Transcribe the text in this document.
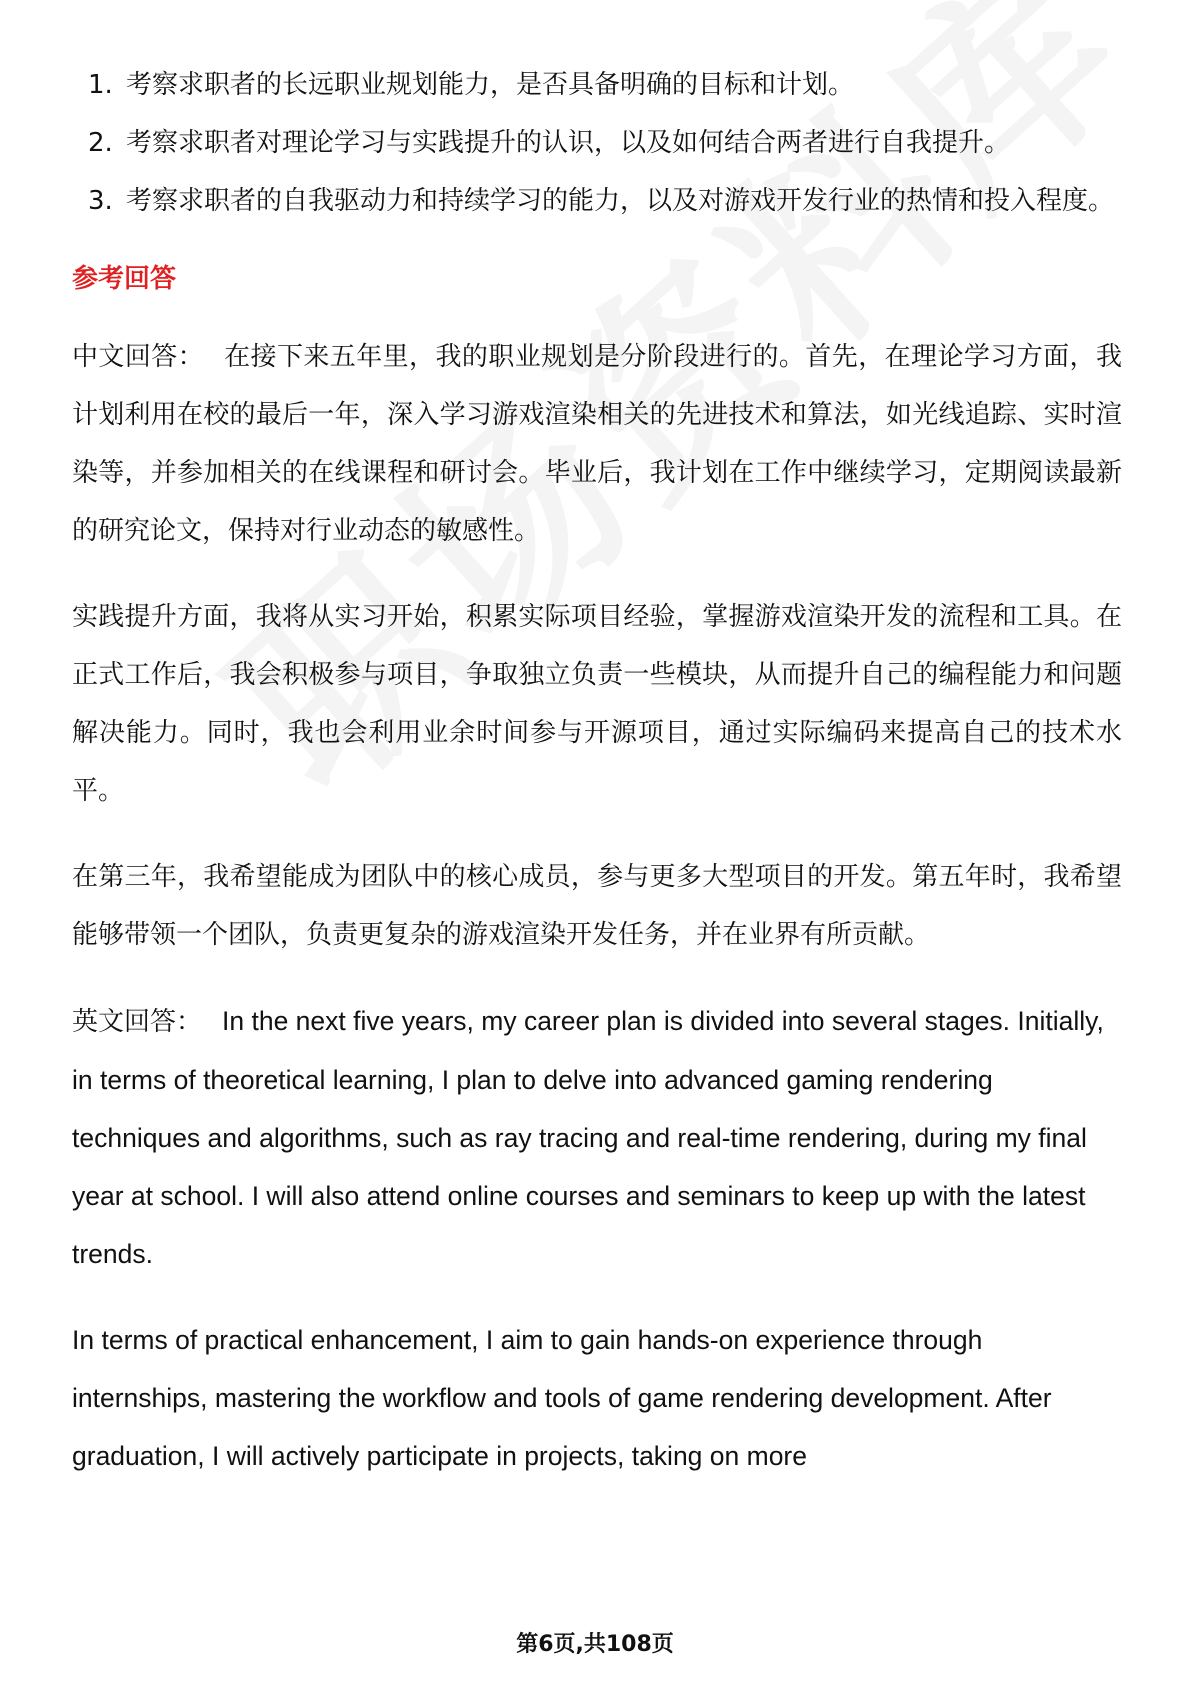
1. 考察求职者的长远职业规划能力，是否具备明确的目标和计划。
2. 考察求职者对理论学习与实践提升的认识，以及如何结合两者进行自我提升。
3. 考察求职者的自我驱动力和持续学习的能力，以及对游戏开发行业的热情和投入程度。
参考回答

中文回答： 在接下来五年里，我的职业规划是分阶段进行的。首先，在理论学习方面，我计划利用在校的最后一年，深入学习游戏渲染相关的先进技术和算法，如光线追踪、实时渲染等，并参加相关的在线课程和研讨会。毕业后，我计划在工作中继续学习，定期阅读最新的研究论文，保持对行业动态的敏感性。

实践提升方面，我将从实习开始，积累实际项目经验，掌握游戏渲染开发的流程和工具。在正式工作后，我会积极参与项目，争取独立负责一些模块，从而提升自己的编程能力和问题解决能力。同时，我也会利用业余时间参与开源项目，通过实际编码来提高自己的技术水平。

在第三年，我希望能成为团队中的核心成员，参与更多大型项目的开发。第五年时，我希望能够带领一个团队，负责更复杂的游戏渲染开发任务，并在业界有所贡献。

英文回答： In the next five years, my career plan is divided into several stages. Initially, in terms of theoretical learning, I plan to delve into advanced gaming rendering techniques and algorithms, such as ray tracing and real-time rendering, during my final year at school. I will also attend online courses and seminars to keep up with the latest trends.

In terms of practical enhancement, I aim to gain hands-on experience through internships, mastering the workflow and tools of game rendering development. After graduation, I will actively participate in projects, taking on more

第6页,共108页
